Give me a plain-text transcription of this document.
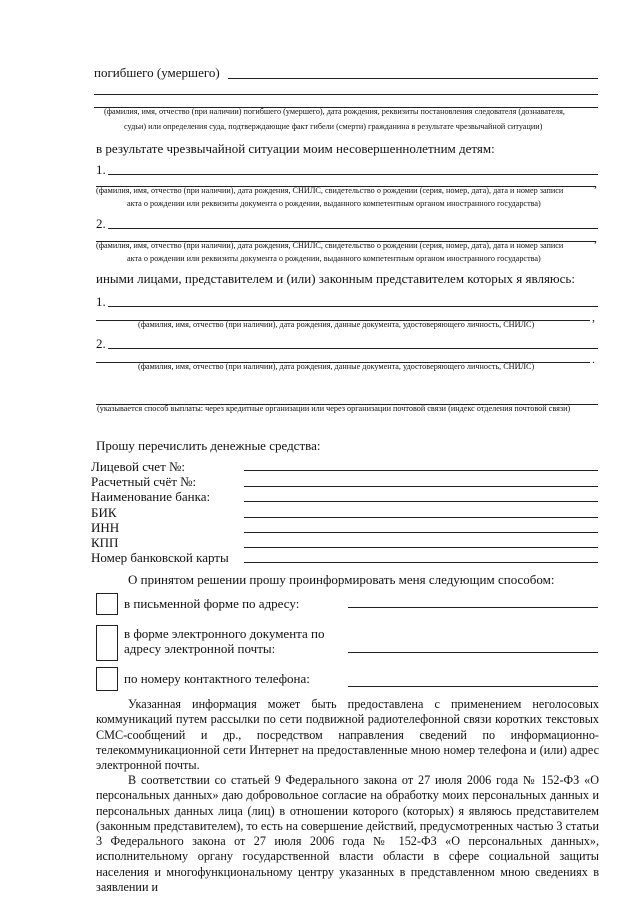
погибшего (умершего)
(фамилия, имя, отчество (при наличии) погибшего (умершего), дата рождения, реквизиты постановления следователя (дознавателя,
судьи) или определения суда, подтверждающие факт гибели (смерти) гражданина в результате чрезвычайной ситуации)
в результате чрезвычайной ситуации моим несовершеннолетним детям:
1.
,
(фамилия, имя, отчество (при наличии), дата рождения, СНИЛС, свидетельство о рождении (серия, номер, дата), дата и номер записи
акта о рождении или реквизиты документа о рождении, выданного компетентным органом иностранного государства)
2.
,
(фамилия, имя, отчество (при наличии), дата рождения, СНИЛС, свидетельство о рождении (серия, номер, дата), дата и номер записи
акта о рождении или реквизиты документа о рождении, выданного компетентным органом иностранного государства)
иными лицами, представителем и (или) законным представителем которых я являюсь:
1.
,
(фамилия, имя, отчество (при наличии), дата рождения, данные документа, удостоверяющего личность, СНИЛС)
2.
.
(фамилия, имя, отчество (при наличии), дата рождения, данные документа, удостоверяющего личность, СНИЛС)
(указывается способ выплаты: через кредитные организации или через организации почтовой связи (индекс отделения почтовой связи)
Прошу перечислить денежные средства:
Лицевой счет №:
Расчетный счёт №:
Наименование банка:
БИК
ИНН
КПП
Номер банковской карты
О принятом решении прошу проинформировать меня следующим способом:
в письменной форме по адресу:
в форме электронного документа по
адресу электронной почты:
по номеру контактного телефона:
Указанная информация может быть предоставлена с применением неголосовых
коммуникаций путем рассылки по сети подвижной радиотелефонной связи коротких текстовых СМС-сообщений и др., посредством направления сведений по информационно-телекоммуникационной сети Интернет на предоставленные мною номер телефона и (или) адрес электронной почты.
В соответствии со статьей 9 Федерального закона от 27 июля 2006 года № 152-ФЗ «О
персональных данных» даю добровольное согласие на обработку моих персональных данных и персональных данных лица (лиц) в отношении которого (которых) я являюсь представителем (законным представителем), то есть на совершение действий, предусмотренных частью 3 статьи 3 Федерального закона от 27 июля 2006 года № 152-ФЗ «О персональных данных», исполнительному органу государственной власти области в сфере социальной защиты населения и многофункциональному центру указанных в представленном мною сведениях в заявлении и
